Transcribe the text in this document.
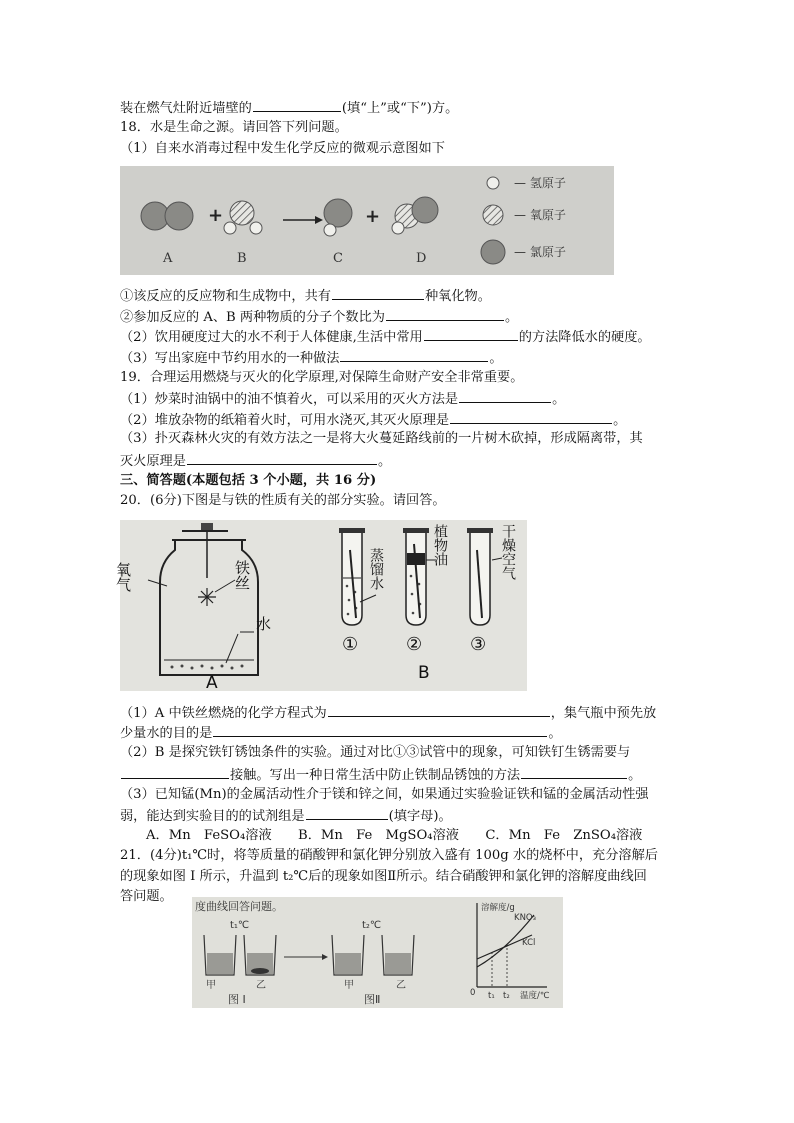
装在燃气灶附近墙壁的	(填“上”或“下”)方。
18．水是生命之源。请回答下列问题。
（1）自来水消毒过程中发生化学反应的微观示意图如下
+	+
A	B	C	D
— 氢原子
— 氧原子
— 氯原子
①该反应的反应物和生成物中，共有	种氧化物。
②参加反应的 A、B 两种物质的分子个数比为	。
（2）饮用硬度过大的水不利于人体健康,生活中常用	的方法降低水的硬度。
（3）写出家庭中节约用水的一种做法	。
19．合理运用燃烧与灭火的化学原理,对保障生命财产安全非常重要。
（1）炒菜时油锅中的油不慎着火，可以采用的灭火方法是	。
（2）堆放杂物的纸箱着火时，可用水浇灭,其灭火原理是	。
（3）扑灭森林火灾的有效方法之一是将大火蔓延路线前的一片树木砍掉，形成隔离带，其
灭火原理是	。
三、简答题(本题包括 3 个小题，共 16 分)
20．(6分)下图是与铁的性质有关的部分实验。请回答。
氧气	铁丝
水
A
①	②	③
蒸馏水
植物油	干燥空气
B
（1）A 中铁丝燃烧的化学方程式为	，集气瓶中预先放
少量水的目的是	。
（2）B 是探究铁钉锈蚀条件的实验。通过对比①③试管中的现象，可知铁钉生锈需要与
接触。写出一种日常生活中防止铁制品锈蚀的方法	。
（3）已知锰(Mn)的金属活动性介于镁和锌之间，如果通过实验验证铁和锰的金属活动性强
弱，能达到实验目的的试剂组是	(填字母)。
A．Mn　FeSO₄溶液　　B．Mn　Fe　MgSO₄溶液　　C．Mn　Fe　ZnSO₄溶液
21．(4分)t₁℃时，将等质量的硝酸钾和氯化钾分别放入盛有 100g 水的烧杯中，充分溶解后
的现象如图 I 所示，升温到 t₂℃后的现象如图Ⅱ所示。结合硝酸钾和氯化钾的溶解度曲线回
答问题。
度曲线回答问题。
t₁℃
甲	乙
图 I
t₂℃
甲	乙
图Ⅱ
溶解度/g
KNO₃
KCl
0 t₁ t₂ 温度/℃
